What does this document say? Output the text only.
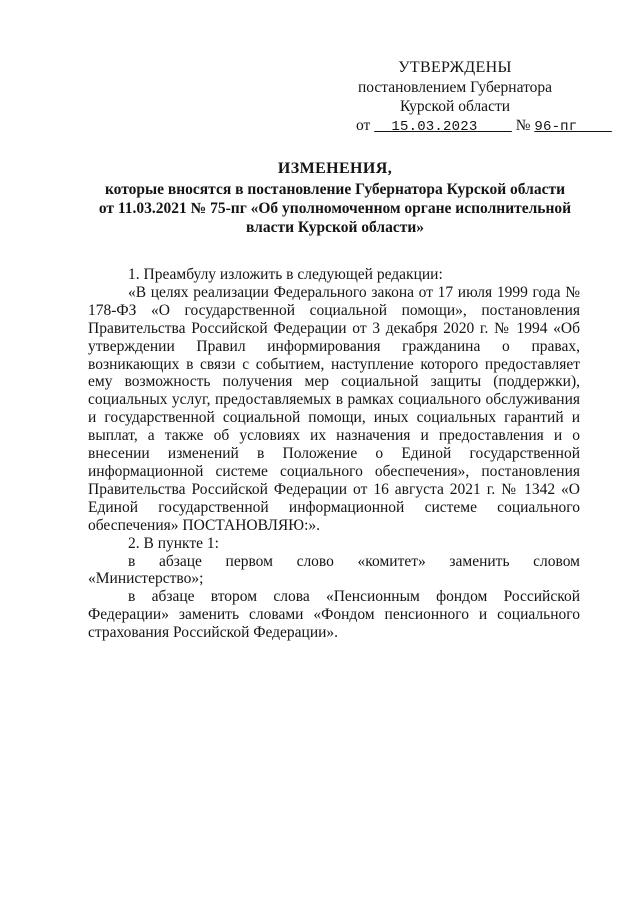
УТВЕРЖДЕНЫ
постановлением Губернатора
Курской области
от 15.03.2023 № 96-пг
ИЗМЕНЕНИЯ,
которые вносятся в постановление Губернатора Курской области
от 11.03.2021 № 75-пг «Об уполномоченном органе исполнительной
власти Курской области»

1. Преамбулу изложить в следующей редакции:

«В целях реализации Федерального закона от 17 июля 1999 года № 178-ФЗ «О государственной социальной помощи», постановления Правительства Российской Федерации от 3 декабря 2020 г. № 1994 «Об утверждении Правил информирования гражданина о правах, возникающих в связи с событием, наступление которого предоставляет ему возможность получения мер социальной защиты (поддержки), социальных услуг, предоставляемых в рамках социального обслуживания и государственной социальной помощи, иных социальных гарантий и выплат, а также об условиях их назначения и предоставления и о внесении изменений в Положение о Единой государственной информационной системе социального обеспечения», постановления Правительства Российской Федерации от 16 августа 2021 г. № 1342 «О Единой государственной информационной системе социального обеспечения» ПОСТАНОВЛЯЮ:».

2. В пункте 1:

в абзаце первом слово «комитет» заменить словом «Министерство»;

в абзаце втором слова «Пенсионным фондом Российской Федерации» заменить словами «Фондом пенсионного и социального страхования Российской Федерации».
